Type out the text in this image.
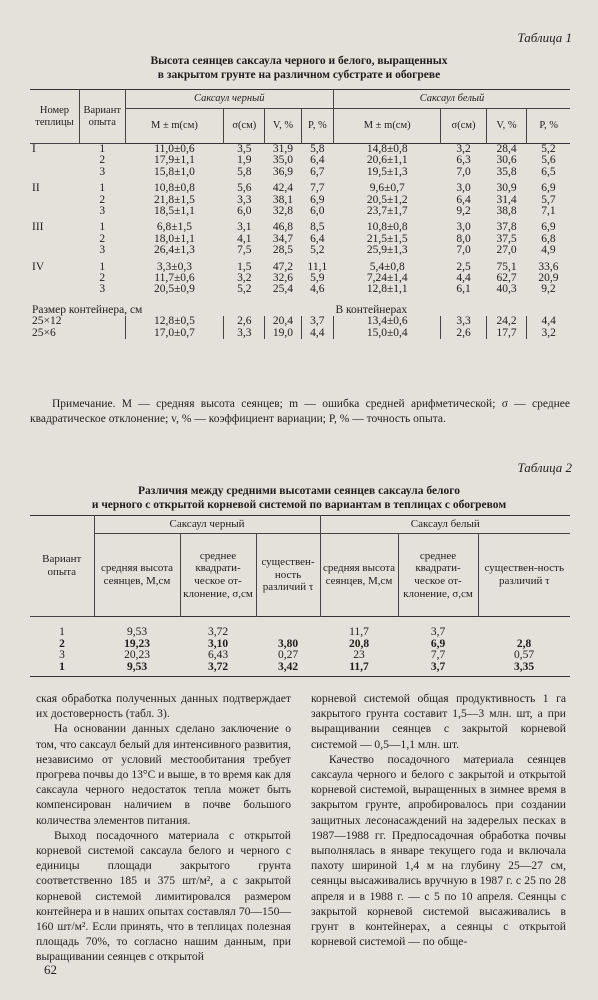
Таблица 1
Высота сеянцев саксаула черного и белого, выращенных
в закрытом грунте на различном субстрате и обогреве
Номер теплицы	Вариант опыта	Саксаул черный				Саксаул белый			
		M ± m(см)	σ(см)	V, %	P, %	M ± m(см)	σ(см)	V, %	P, %
I	1	11,0±0,6	3,5	31,9	5,8	14,8±0,8	3,2	28,4	5,2
	2	17,9±1,1	1,9	35,0	6,4	20,6±1,1	6,3	30,6	5,6
	3	15,8±1,0	5,8	36,9	6,7	19,5±1,3	7,0	35,8	6,5

II	1	10,8±0,8	5,6	42,4	7,7	9,6±0,7	3,0	30,9	6,9
	2	21,8±1,5	3,3	38,1	6,9	20,5±1,2	6,4	31,4	5,7
	3	18,5±1,1	6,0	32,8	6,0	23,7±1,7	9,2	38,8	7,1

III	1	6,8±1,5	3,1	46,8	8,5	10,8±0,8	3,0	37,8	6,9
	2	18,0±1,1	4,1	34,7	6,4	21,5±1,5	8,0	37,5	6,8
	3	26,4±1,3	7,5	28,5	5,2	25,9±1,3	7,0	27,0	4,9

IV	1	3,3±0,3	1,5	47,2	11,1	5,4±0,8	2,5	75,1	33,6
	2	11,7±0,6	3,2	32,6	5,9	7,24±1,4	4,4	62,7	20,9
	3	20,5±0,9	5,2	25,4	4,6	12,8±1,1	6,1	40,3	9,2

Размер контейнера, см						В контейнерах			
25×12		12,8±0,5	2,6	20,4	3,7	13,4±0,6	3,3	24,2	4,4
25×6		17,0±0,7	3,3	19,0	4,4	15,0±0,4	2,6	17,7	3,2
Примечание. M — средняя высота сеянцев; m — ошибка средней арифметической; σ — среднее квадратическое отклонение; v, % — коэффициент вариации; P, % — точность опыта.
Таблица 2
Различия между средними высотами сеянцев саксаула белого
и черного с открытой корневой системой по вариантам в теплицах с обогревом
Вариант опыта	Саксаул черный			Саксаул белый		
	средняя высота сеянцев, M,см	среднее квадрати-ческое от-клонение, σ,см	существен-ность различий τ	средняя высота сеянцев, M,см	среднее квадрати-ческое от-клонение, σ,см	существен-ность различий τ
1	9,53	3,72		11,7	3,7	
2	19,23	3,10	3,80	20,8	6,9	2,8
3	20,23	6,43	0,27	23	7,7	0,57
1	9,53	3,72	3,42	11,7	3,7	3,35

ская обработка полученных данных подтверждает их достоверность (табл. 3).

На основании данных сделано заключение о том, что саксаул белый для интенсивного развития, независимо от условий местообитания требует прогрева почвы до 13°С и выше, в то время как для саксаула черного недостаток тепла может быть компенсирован наличием в почве большого количества элементов питания.

Выход посадочного материала с открытой корневой системой саксаула белого и черного с единицы площади закрытого грунта соответственно 185 и 375 шт/м², а с закрытой корневой системой лимитировался размером контейнера и в наших опытах составлял 70—150—160 шт/м². Если принять, что в теплицах полезная площадь 70%, то согласно нашим данным, при выращивании сеянцев с открытой

корневой системой общая продуктивность 1 га закрытого грунта составит 1,5—3 млн. шт, а при выращивании сеянцев с закрытой корневой системой — 0,5—1,1 млн. шт.

Качество посадочного материала сеянцев саксаула черного и белого с закрытой и открытой корневой системой, выращенных в зимнее время в закрытом грунте, апробировалось при создании защитных лесонасаждений на задерелых песках в 1987—1988 гг. Предпосадочная обработка почвы выполнялась в январе текущего года и включала пахоту шириной 1,4 м на глубину 25—27 см, сеянцы высаживались вручную в 1987 г. с 25 по 28 апреля и в 1988 г. — с 5 по 10 апреля. Сеянцы с закрытой корневой системой высаживались в грунт в контейнерах, а сеянцы с открытой корневой системой — по обще-

62
